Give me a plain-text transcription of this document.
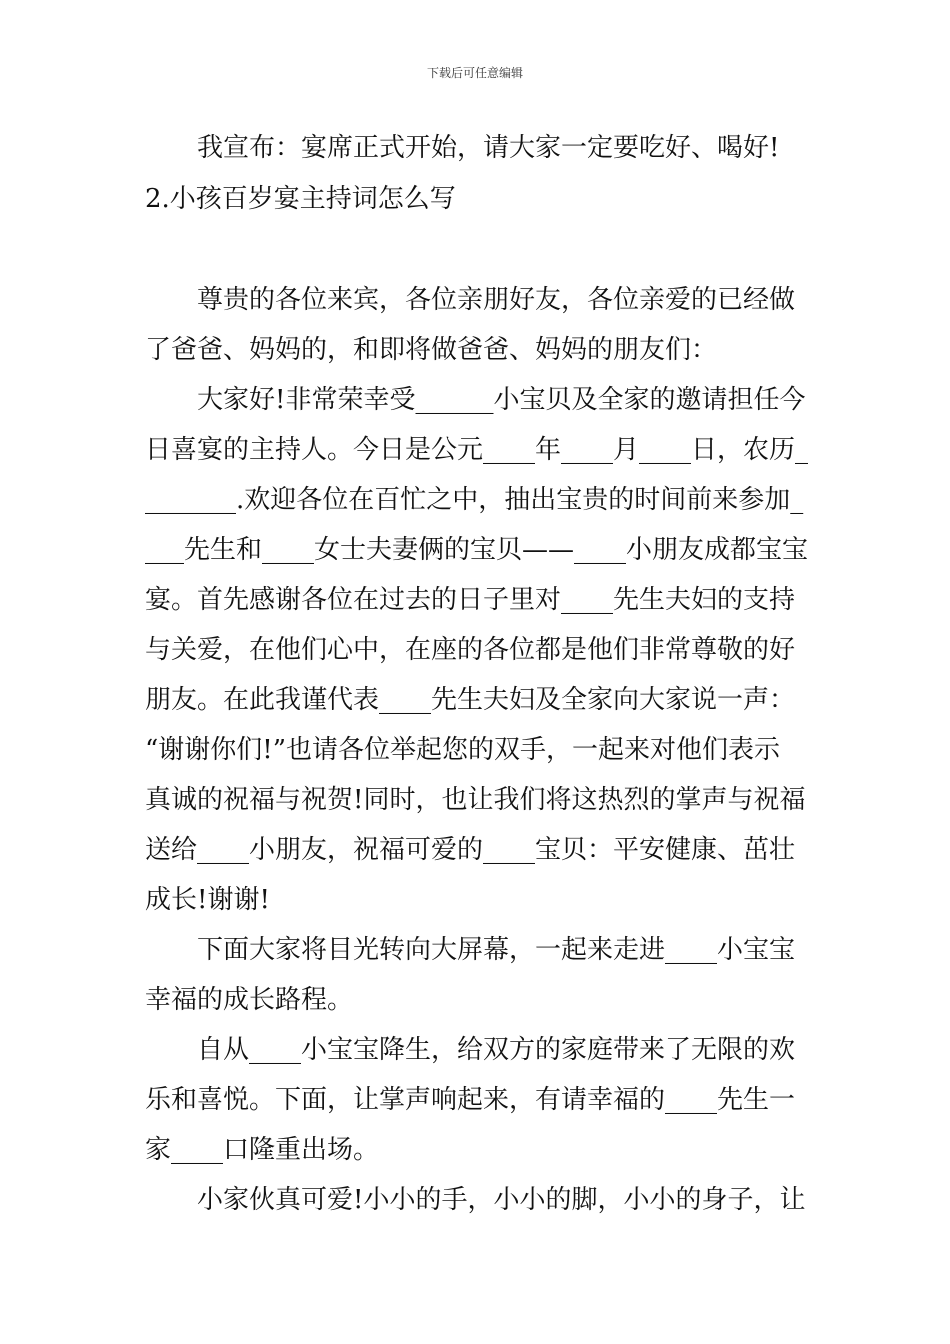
下载后可任意编辑
我宣布：宴席正式开始，请大家一定要吃好、喝好!
2.小孩百岁宴主持词怎么写
尊贵的各位来宾，各位亲朋好友，各位亲爱的已经做
了爸爸、妈妈的，和即将做爸爸、妈妈的朋友们：
大家好!非常荣幸受______小宝贝及全家的邀请担任今
日喜宴的主持人。今日是公元____年____月____日，农历_
_______.欢迎各位在百忙之中，抽出宝贵的时间前来参加_
___先生和____女士夫妻俩的宝贝——____小朋友成都宝宝
宴。首先感谢各位在过去的日子里对____先生夫妇的支持
与关爱，在他们心中，在座的各位都是他们非常尊敬的好
朋友。在此我谨代表____先生夫妇及全家向大家说一声：
“谢谢你们!”也请各位举起您的双手，一起来对他们表示
真诚的祝福与祝贺!同时，也让我们将这热烈的掌声与祝福
送给____小朋友，祝福可爱的____宝贝：平安健康、茁壮
成长!谢谢!
下面大家将目光转向大屏幕，一起来走进____小宝宝
幸福的成长路程。
自从____小宝宝降生，给双方的家庭带来了无限的欢
乐和喜悦。下面，让掌声响起来，有请幸福的____先生一
家____口隆重出场。
小家伙真可爱!小小的手，小小的脚，小小的身子，让
